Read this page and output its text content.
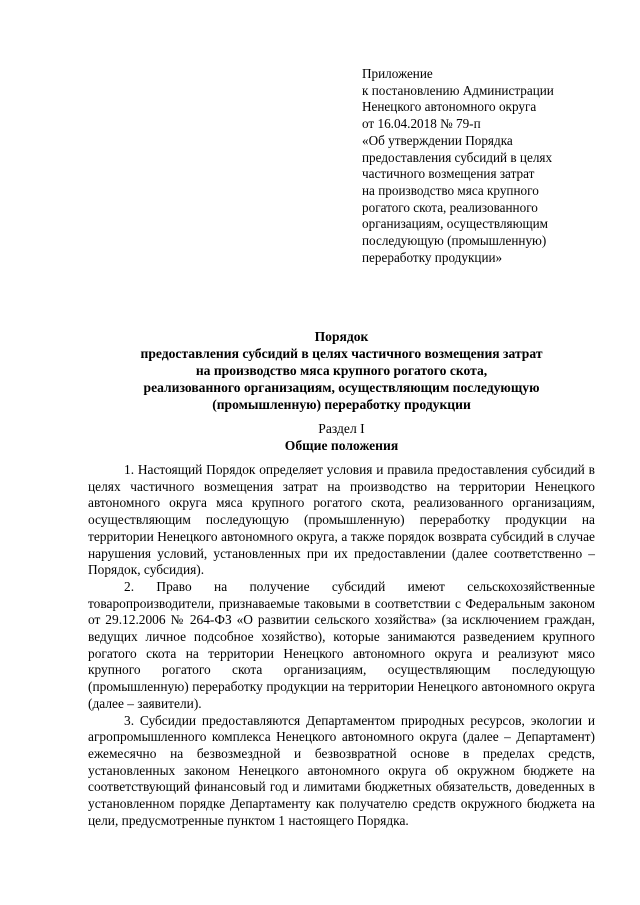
Приложение
к постановлению Администрации
Ненецкого автономного округа
от 16.04.2018 № 79-п
«Об утверждении Порядка
предоставления субсидий в целях
частичного возмещения затрат
на производство мяса крупного
рогатого скота, реализованного
организациям, осуществляющим
последующую (промышленную)
переработку продукции»
Порядок
предоставления субсидий в целях частичного возмещения затрат
на производство мяса крупного рогатого скота,
реализованного организациям, осуществляющим последующую
(промышленную) переработку продукции
Раздел I
Общие положения

1. Настоящий Порядок определяет условия и правила предоставления субсидий в целях частичного возмещения затрат на производство на территории Ненецкого автономного округа мяса крупного рогатого скота, реализованного организациям, осуществляющим последующую (промышленную) переработку продукции на территории Ненецкого автономного округа, а также порядок возврата субсидий в случае нарушения условий, установленных при их предоставлении (далее соответственно – Порядок, субсидия).

2. Право на получение субсидий имеют сельскохозяйственные товаропроизводители, признаваемые таковыми в соответствии с Федеральным законом от 29.12.2006 № 264-ФЗ «О развитии сельского хозяйства» (за исключением граждан, ведущих личное подсобное хозяйство), которые занимаются разведением крупного рогатого скота на территории Ненецкого автономного округа и реализуют мясо крупного рогатого скота организациям, осуществляющим последующую (промышленную) переработку продукции на территории Ненецкого автономного округа (далее – заявители).

3. Субсидии предоставляются Департаментом природных ресурсов, экологии и агропромышленного комплекса Ненецкого автономного округа (далее – Департамент) ежемесячно на безвозмездной и безвозвратной основе в пределах средств, установленных законом Ненецкого автономного округа об окружном бюджете на соответствующий финансовый год и лимитами бюджетных обязательств, доведенных в установленном порядке Департаменту как получателю средств окружного бюджета на цели, предусмотренные пунктом 1 настоящего Порядка.
